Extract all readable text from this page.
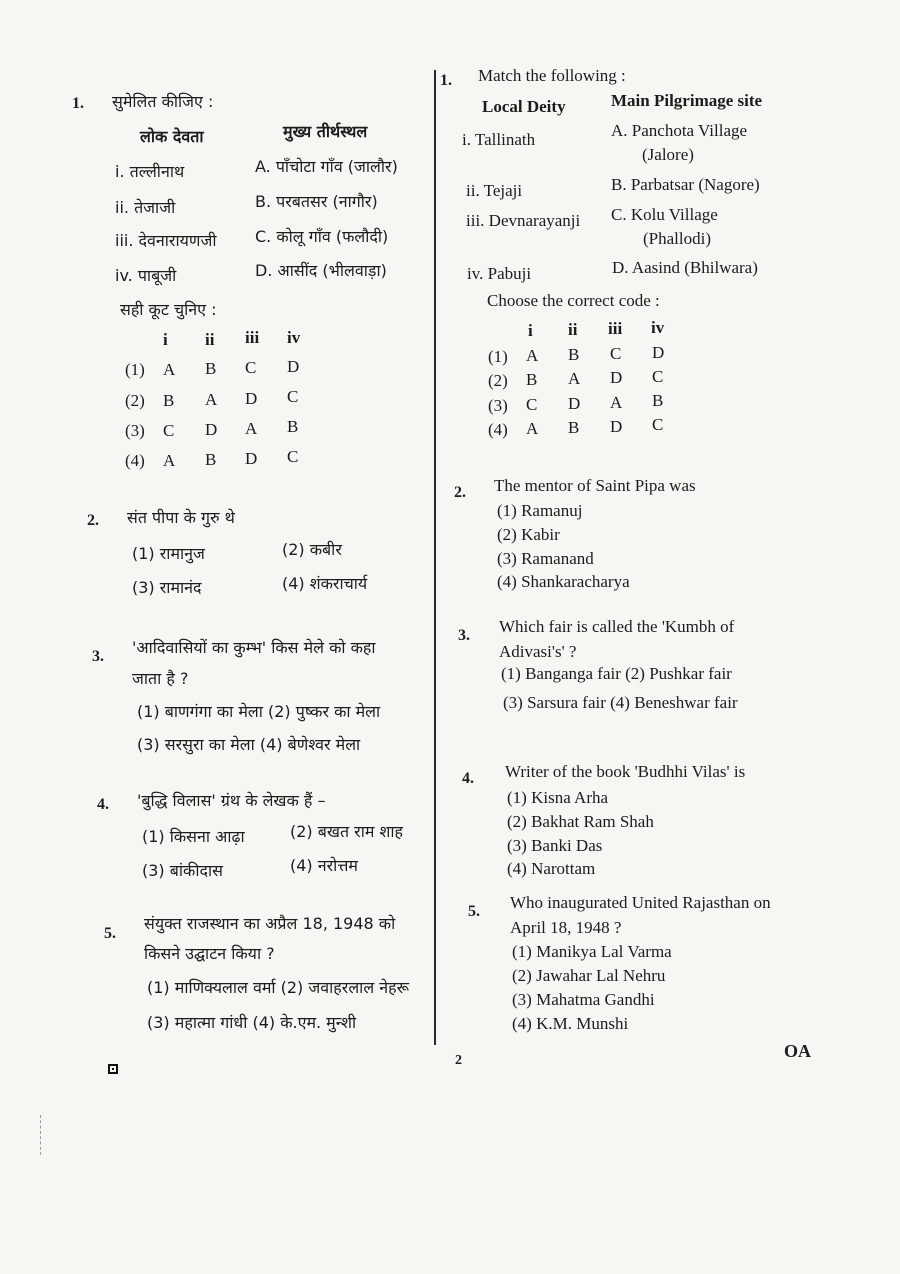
1. सुमेलित कीजिए :
लोक देवता	मुख्य तीर्थस्थल
i. तल्लीनाथ	A. पाँचोटा गाँव (जालौर)
ii. तेजाजी	B. परबतसर (नागौर)
iii. देवनारायणजी C. कोलू गाँव (फलौदी)
iv. पाबूजी	D. आसींद (भीलवाड़ा)
सही कूट चुनिए :
i	ii	iii	iv
(1)	A	B	C	D
(2)	B	A	D	C
(3)	C	D	A	B
(4)	A	B	D	C
2. संत पीपा के गुरु थे
(1) रामानुज	(2) कबीर
(3) रामानंद	(4) शंकराचार्य
3. 'आदिवासियों का कुम्भ' किस मेले को कहा
जाता है ?
(1) बाणगंगा का मेला (2) पुष्कर का मेला
(3) सरसुरा का मेला (4) बेणेश्वर मेला
4. 'बुद्धि विलास' ग्रंथ के लेखक हैं –
(1) किसना आढ़ा	(2) बखत राम शाह
(3) बांकीदास	(4) नरोत्तम
5.
संयुक्त राजस्थान का अप्रैल 18, 1948 को
किसने उद्घाटन किया ?
(1) माणिक्यलाल वर्मा (2) जवाहरलाल नेहरू
(3) महात्मा गांधी (4) के.एम. मुन्शी
1. Match the following :
Local Deity	Main Pilgrimage site
i. Tallinath	A. Panchota Village
(Jalore)
ii. Tejaji	B. Parbatsar (Nagore)
iii. Devnarayanji C. Kolu Village
(Phallodi)
iv. Pabuji	D. Aasind (Bhilwara)
Choose the correct code :
i	ii	iii	iv
(1)	A	B	C	D
(2)	B	A	D	C
(3)	C	D	A	B
(4)	A	B	D	C
2. The mentor of Saint Pipa was
(1) Ramanuj
(2) Kabir
(3) Ramanand
(4) Shankaracharya
3. Which fair is called the 'Kumbh of
Adivasi's' ?
(1) Banganga fair (2) Pushkar fair
(3) Sarsura fair (4) Beneshwar fair
4. Writer of the book 'Budhhi Vilas' is
(1) Kisna Arha
(2) Bakhat Ram Shah
(3) Banki Das
(4) Narottam
5. Who inaugurated United Rajasthan on
April 18, 1948 ?
(1) Manikya Lal Varma
(2) Jawahar Lal Nehru
(3) Mahatma Gandhi
(4) K.M. Munshi
2	OA
